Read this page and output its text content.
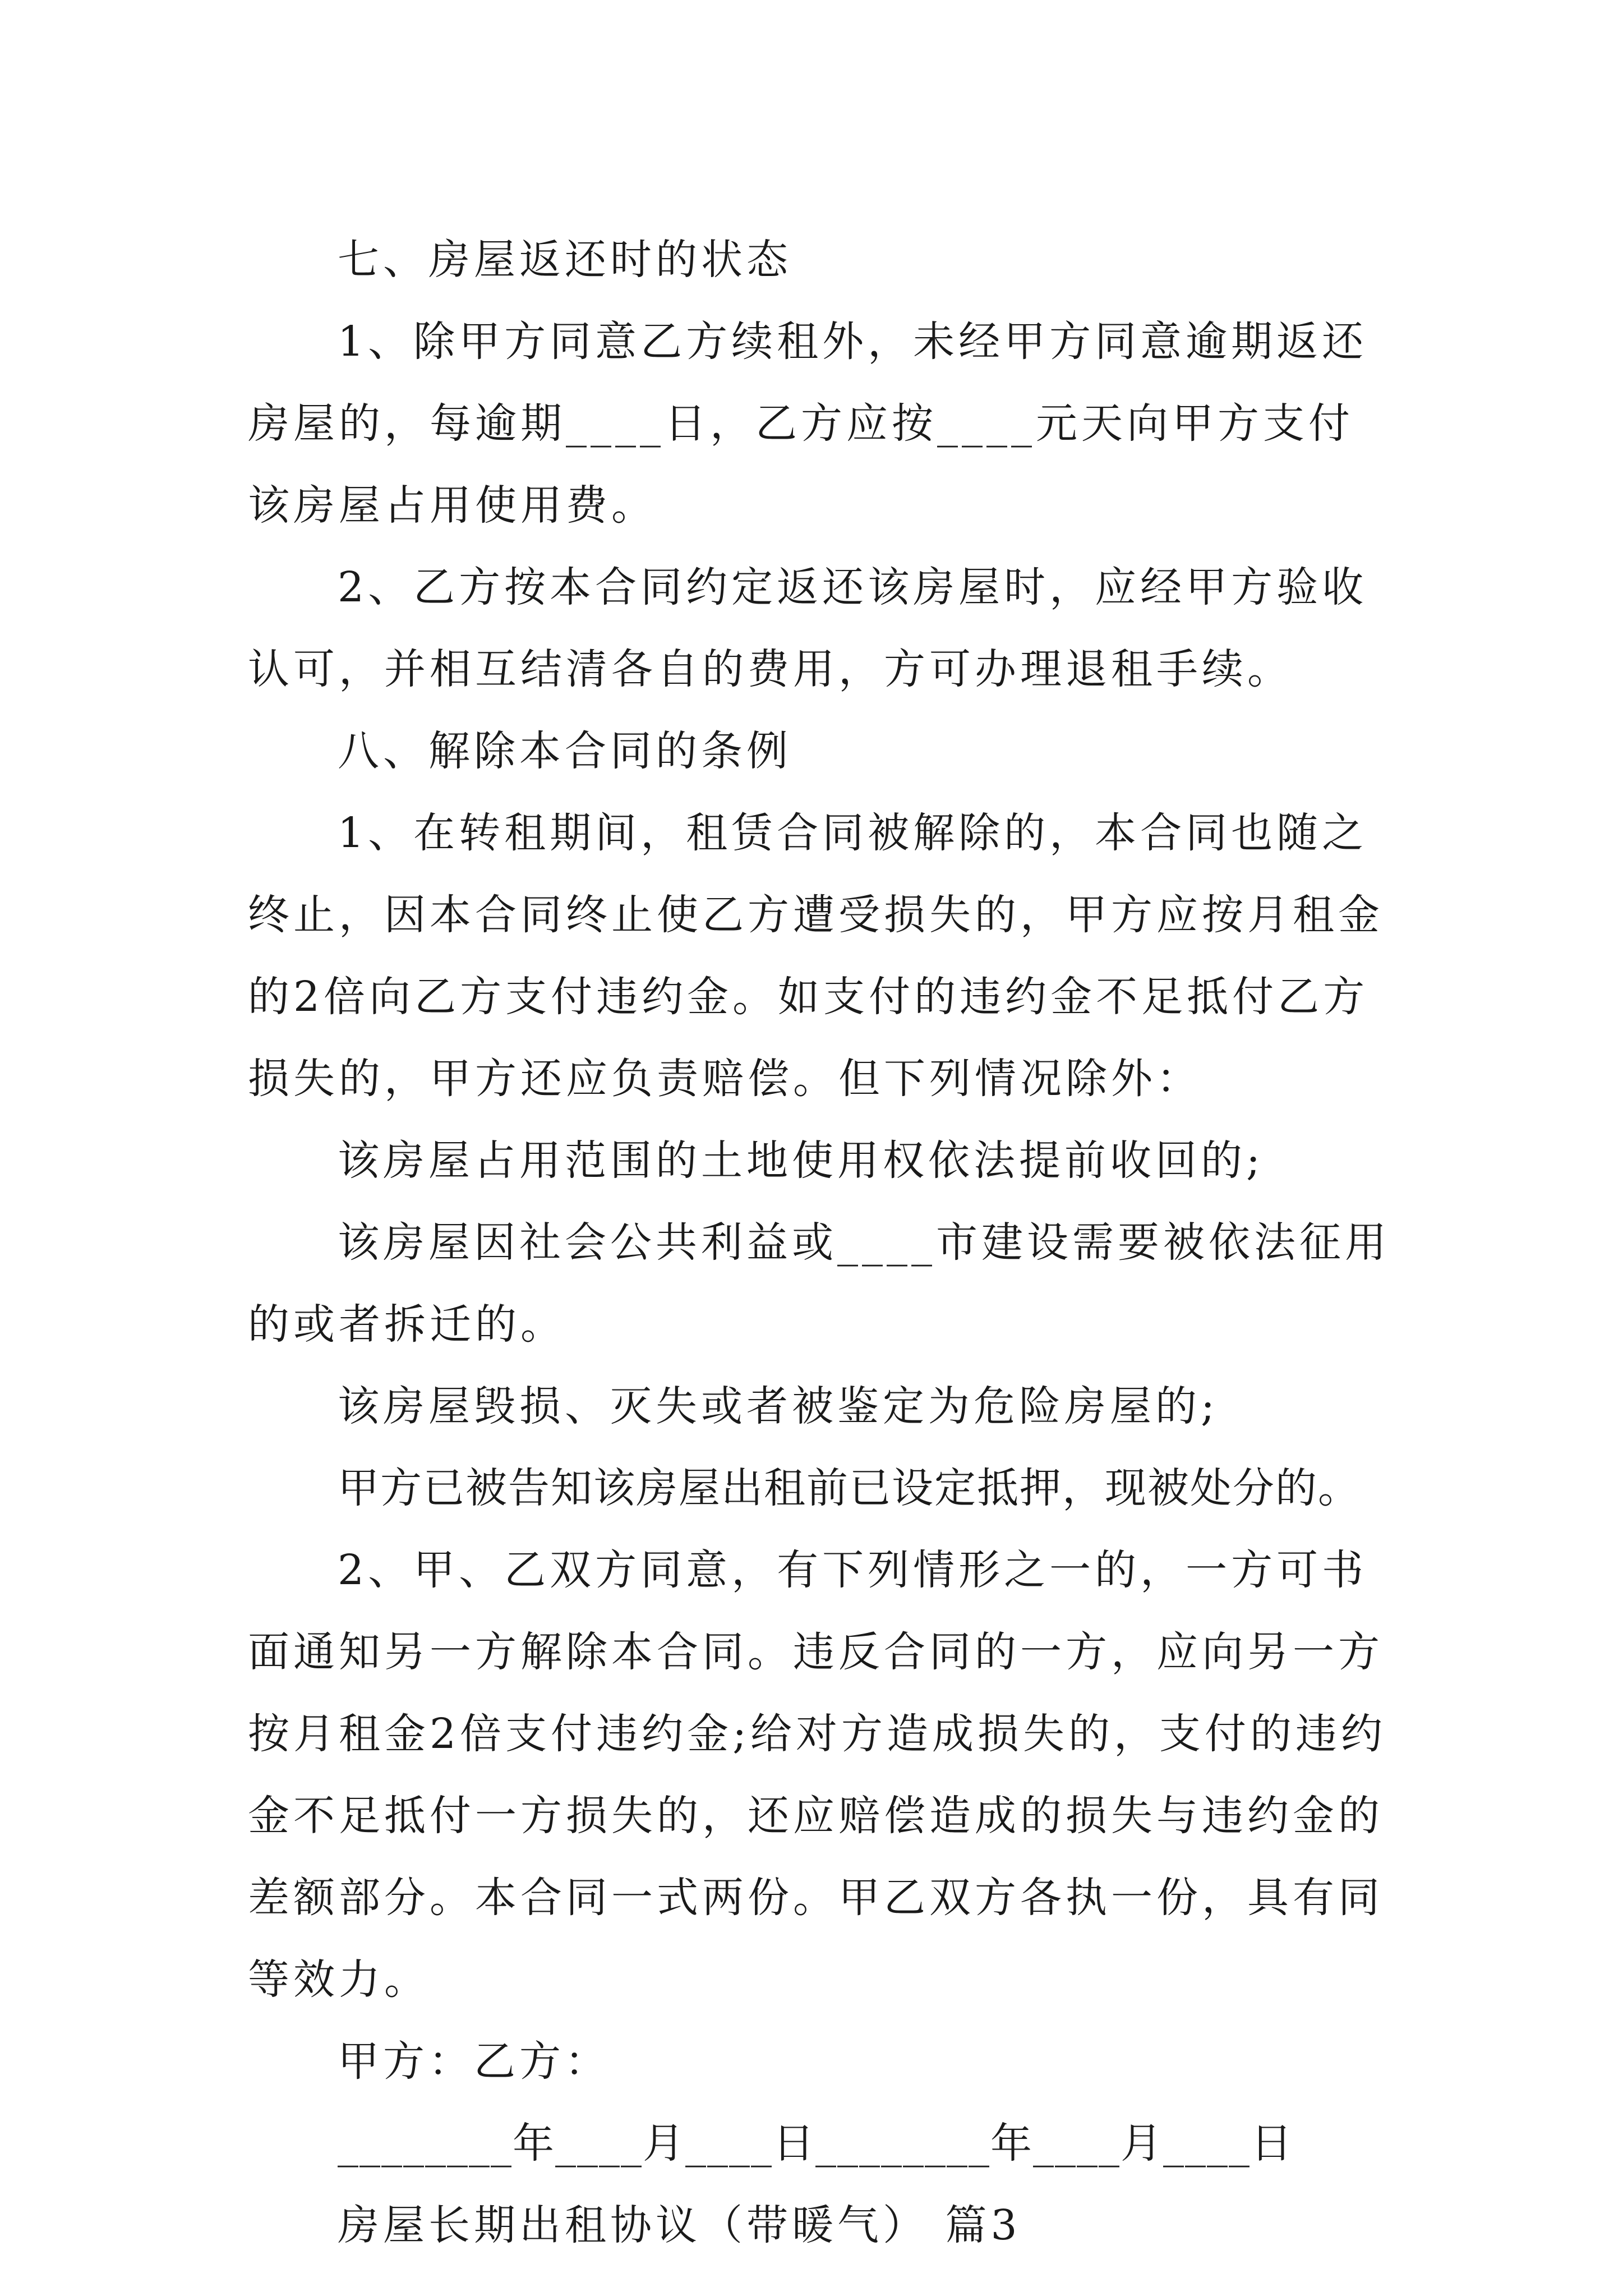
七、房屋返还时的状态

1、除甲方同意乙方续租外，未经甲方同意逾期返还房屋的，每逾期____日，乙方应按____元天向甲方支付该房屋占用使用费。

2、乙方按本合同约定返还该房屋时，应经甲方验收认可，并相互结清各自的费用，方可办理退租手续。

八、解除本合同的条例

1、在转租期间，租赁合同被解除的，本合同也随之终止，因本合同终止使乙方遭受损失的，甲方应按月租金的2倍向乙方支付违约金。如支付的违约金不足抵付乙方损失的，甲方还应负责赔偿。但下列情况除外：

该房屋占用范围的土地使用权依法提前收回的;

该房屋因社会公共利益或____市建设需要被依法征用的或者拆迁的。

该房屋毁损、灭失或者被鉴定为危险房屋的;

甲方已被告知该房屋出租前已设定抵押，现被处分的。

2、甲、乙双方同意，有下列情形之一的，一方可书面通知另一方解除本合同。违反合同的一方，应向另一方按月租金2倍支付违约金;给对方造成损失的，支付的违约金不足抵付一方损失的，还应赔偿造成的损失与违约金的差额部分。本合同一式两份。甲乙双方各执一份，具有同等效力。

甲方：乙方：

________年____月____日________年____月____日

房屋长期出租协议（带暖气） 篇3
